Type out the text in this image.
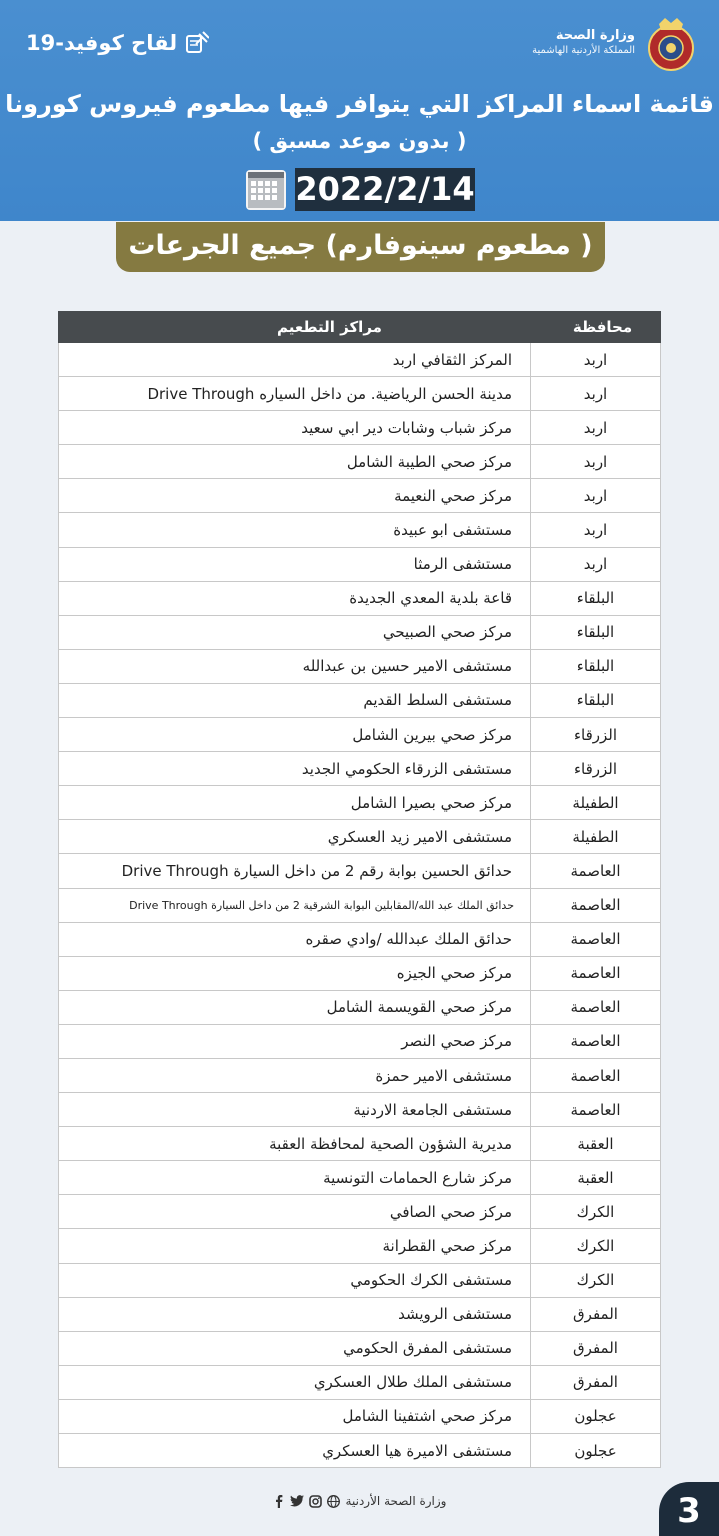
وزارة الصحة
المملكة الأردنية الهاشمية
لقاح كوفيد-19
قائمة اسماء المراكز التي يتوافر فيها مطعوم فيروس كورونا
( بدون موعد مسبق )
2022/2/14
( مطعوم سينوفارم) جميع الجرعات
محافظة	مراكز التطعيم
اربد	المركز الثقافي اربد
اربد	مدينة الحسن الرياضية. من داخل السياره Drive Through
اربد	مركز شباب وشابات دير ابي سعيد
اربد	مركز صحي الطيبة الشامل
اربد	مركز صحي النعيمة
اربد	مستشفى ابو عبيدة
اربد	مستشفى الرمثا
البلقاء	قاعة بلدية المعدي الجديدة
البلقاء	مركز صحي الصبيحي
البلقاء	مستشفى الامير حسين بن عبدالله
البلقاء	مستشفى السلط القديم
الزرقاء	مركز صحي بيرين الشامل
الزرقاء	مستشفى الزرقاء الحكومي الجديد
الطفيلة	مركز صحي بصيرا الشامل
الطفيلة	مستشفى الامير زيد العسكري
العاصمة	حدائق الحسين بوابة رقم 2 من داخل السيارة Drive Through
العاصمة	حدائق الملك عبد الله/المقابلين البوابة الشرقية 2 من داخل السيارة Drive Through
العاصمة	حدائق الملك عبدالله /وادي صقره
العاصمة	مركز صحي الجيزه
العاصمة	مركز صحي القويسمة الشامل
العاصمة	مركز صحي النصر
العاصمة	مستشفى الامير حمزة
العاصمة	مستشفى الجامعة الاردنية
العقبة	مديرية الشؤون الصحية لمحافظة العقبة
العقبة	مركز شارع الحمامات التونسية
الكرك	مركز صحي الصافي
الكرك	مركز صحي القطرانة
الكرك	مستشفى الكرك الحكومي
المفرق	مستشفى الرويشد
المفرق	مستشفى المفرق الحكومي
المفرق	مستشفى الملك طلال العسكري
عجلون	مركز صحي اشتفينا الشامل
عجلون	مستشفى الاميرة هيا العسكري
وزارة الصحة الأردنية	3
